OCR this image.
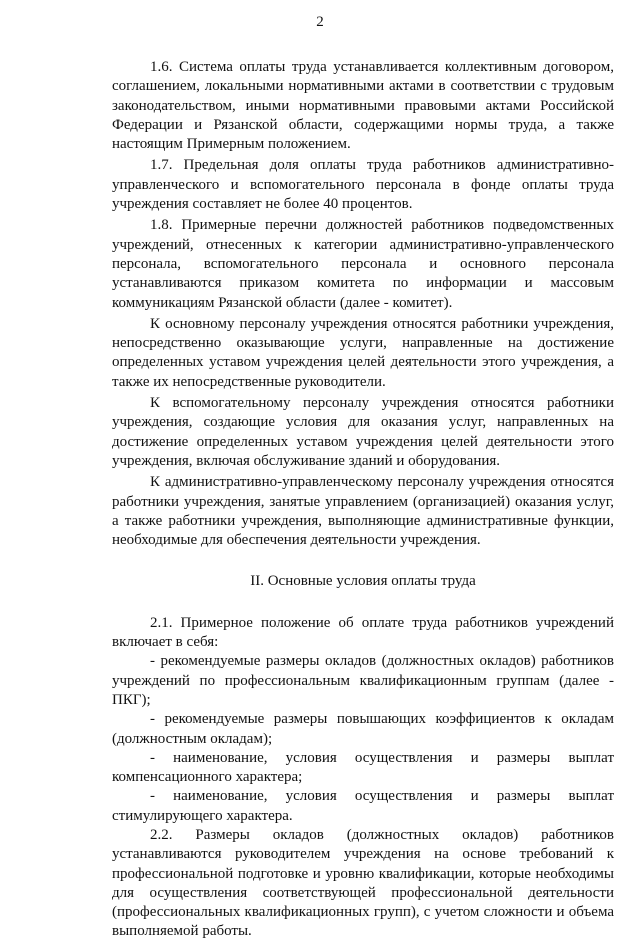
2

1.6. Система оплаты труда устанавливается коллективным договором, соглашением, локальными нормативными актами в соответствии с трудовым законодательством, иными нормативными правовыми актами Российской Федерации и Рязанской области, содержащими нормы труда, а также настоящим Примерным положением.

1.7. Предельная доля оплаты труда работников административно-управленческого и вспомогательного персонала в фонде оплаты труда учреждения составляет не более 40 процентов.

1.8. Примерные перечни должностей работников подведомственных учреждений, отнесенных к категории административно-управленческого персонала, вспомогательного персонала и основного персонала устанавливаются приказом комитета по информации и массовым коммуникациям Рязанской области (далее - комитет).

К основному персоналу учреждения относятся работники учреждения, непосредственно оказывающие услуги, направленные на достижение определенных уставом учреждения целей деятельности этого учреждения, а также их непосредственные руководители.

К вспомогательному персоналу учреждения относятся работники учреждения, создающие условия для оказания услуг, направленных на достижение определенных уставом учреждения целей деятельности этого учреждения, включая обслуживание зданий и оборудования.

К административно-управленческому персоналу учреждения относятся работники учреждения, занятые управлением (организацией) оказания услуг, а также работники учреждения, выполняющие административные функции, необходимые для обеспечения деятельности учреждения.

II. Основные условия оплаты труда

2.1. Примерное положение об оплате труда работников учреждений включает в себя:

- рекомендуемые размеры окладов (должностных окладов) работников учреждений по профессиональным квалификационным группам (далее - ПКГ);

- рекомендуемые размеры повышающих коэффициентов к окладам (должностным окладам);

- наименование, условия осуществления и размеры выплат компенсационного характера;

- наименование, условия осуществления и размеры выплат стимулирующего характера.

2.2. Размеры окладов (должностных окладов) работников устанавливаются руководителем учреждения на основе требований к профессиональной подготовке и уровню квалификации, которые необходимы для осуществления соответствующей профессиональной деятельности (профессиональных квалификационных групп), с учетом сложности и объема выполняемой работы.
